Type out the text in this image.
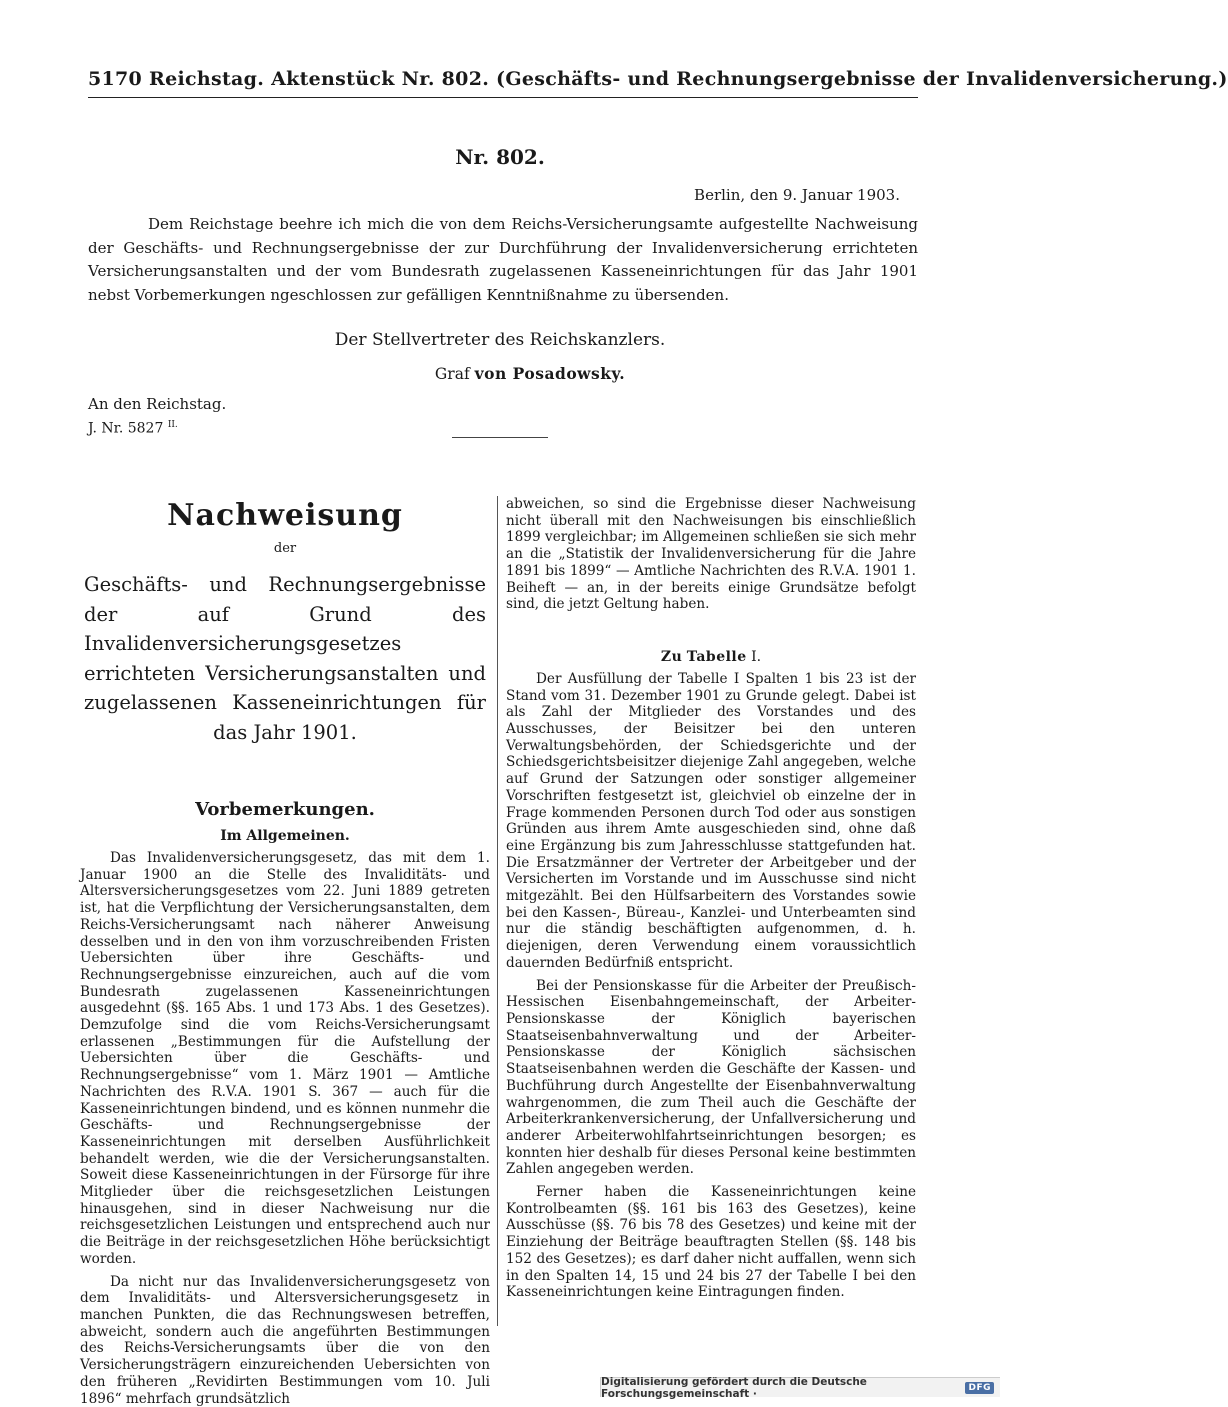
5170 Reichstag. Aktenstück Nr. 802. (Geschäfts- und Rechnungsergebnisse der Invalidenversicherung.)
Nr. 802.
Berlin, den 9. Januar 1903.
Dem Reichstage beehre ich mich die von dem Reichs-Versicherungsamte aufgestellte Nachweisung der Geschäfts- und Rechnungsergebnisse der zur Durchführung der Invalidenversicherung errichteten Versicherungsanstalten und der vom Bundesrath zugelassenen Kasseneinrichtungen für das Jahr 1901 nebst Vorbemerkungen ngeschlossen zur gefälligen Kenntnißnahme zu übersenden.
Der Stellvertreter des Reichskanzlers.
Graf von Posadowsky.
An den Reichstag.
J. Nr. 5827 $^{II.}$
Nachweisung
der
Geschäfts- und Rechnungsergebnisse der auf Grund des Invalidenversicherungsgesetzes errichteten Versicherungsanstalten und zugelassenen Kasseneinrichtungen für das Jahr 1901.
Vorbemerkungen.
Im Allgemeinen.

Das Invalidenversicherungsgesetz, das mit dem 1. Januar 1900 an die Stelle des Invaliditäts- und Altersversicherungsgesetzes vom 22. Juni 1889 getreten ist, hat die Verpflichtung der Versicherungsanstalten, dem Reichs-Versicherungsamt nach näherer Anweisung desselben und in den von ihm vorzuschreibenden Fristen Uebersichten über ihre Geschäfts- und Rechnungsergebnisse einzureichen, auch auf die vom Bundesrath zugelassenen Kasseneinrichtungen ausgedehnt (§§. 165 Abs. 1 und 173 Abs. 1 des Gesetzes). Demzufolge sind die vom Reichs-Versicherungsamt erlassenen „Bestimmungen für die Aufstellung der Uebersichten über die Geschäfts- und Rechnungsergebnisse“ vom 1. März 1901 — Amtliche Nachrichten des R.V.A. 1901 S. 367 — auch für die Kasseneinrichtungen bindend, und es können nunmehr die Geschäfts- und Rechnungsergebnisse der Kasseneinrichtungen mit derselben Ausführlichkeit behandelt werden, wie die der Versicherungsanstalten. Soweit diese Kasseneinrichtungen in der Fürsorge für ihre Mitglieder über die reichsgesetzlichen Leistungen hinausgehen, sind in dieser Nachweisung nur die reichsgesetzlichen Leistungen und entsprechend auch nur die Beiträge in der reichsgesetzlichen Höhe berücksichtigt worden.

Da nicht nur das Invalidenversicherungsgesetz von dem Invaliditäts- und Altersversicherungsgesetz in manchen Punkten, die das Rechnungswesen betreffen, abweicht, sondern auch die angeführten Bestimmungen des Reichs-Versicherungsamts über die von den Versicherungsträgern einzureichenden Uebersichten von den früheren „Revidirten Bestimmungen vom 10. Juli 1896“ mehrfach grundsätzlich

abweichen, so sind die Ergebnisse dieser Nachweisung nicht überall mit den Nachweisungen bis einschließlich 1899 vergleichbar; im Allgemeinen schließen sie sich mehr an die „Statistik der Invalidenversicherung für die Jahre 1891 bis 1899“ — Amtliche Nachrichten des R.V.A. 1901 1. Beiheft — an, in der bereits einige Grundsätze befolgt sind, die jetzt Geltung haben.

Zu Tabelle I.

Der Ausfüllung der Tabelle I Spalten 1 bis 23 ist der Stand vom 31. Dezember 1901 zu Grunde gelegt. Dabei ist als Zahl der Mitglieder des Vorstandes und des Ausschusses, der Beisitzer bei den unteren Verwaltungsbehörden, der Schiedsgerichte und der Schiedsgerichtsbeisitzer diejenige Zahl angegeben, welche auf Grund der Satzungen oder sonstiger allgemeiner Vorschriften festgesetzt ist, gleichviel ob einzelne der in Frage kommenden Personen durch Tod oder aus sonstigen Gründen aus ihrem Amte ausgeschieden sind, ohne daß eine Ergänzung bis zum Jahresschlusse stattgefunden hat. Die Ersatzmänner der Vertreter der Arbeitgeber und der Versicherten im Vorstande und im Ausschusse sind nicht mitgezählt. Bei den Hülfsarbeitern des Vorstandes sowie bei den Kassen-, Büreau-, Kanzlei- und Unterbeamten sind nur die ständig beschäftigten aufgenommen, d. h. diejenigen, deren Verwendung einem voraussichtlich dauernden Bedürfniß entspricht.

Bei der Pensionskasse für die Arbeiter der Preußisch-Hessischen Eisenbahngemeinschaft, der Arbeiter-Pensionskasse der Königlich bayerischen Staatseisenbahnverwaltung und der Arbeiter-Pensionskasse der Königlich sächsischen Staatseisenbahnen werden die Geschäfte der Kassen- und Buchführung durch Angestellte der Eisenbahnverwaltung wahrgenommen, die zum Theil auch die Geschäfte der Arbeiterkrankenversicherung, der Unfallversicherung und anderer Arbeiterwohlfahrtseinrichtungen besorgen; es konnten hier deshalb für dieses Personal keine bestimmten Zahlen angegeben werden.

Ferner haben die Kasseneinrichtungen keine Kontrolbeamten (§§. 161 bis 163 des Gesetzes), keine Ausschüsse (§§. 76 bis 78 des Gesetzes) und keine mit der Einziehung der Beiträge beauftragten Stellen (§§. 148 bis 152 des Gesetzes); es darf daher nicht auffallen, wenn sich in den Spalten 14, 15 und 24 bis 27 der Tabelle I bei den Kasseneinrichtungen keine Eintragungen finden.

Digitalisierung gefördert durch die Deutsche Forschungsgemeinschaft ·	DFG
